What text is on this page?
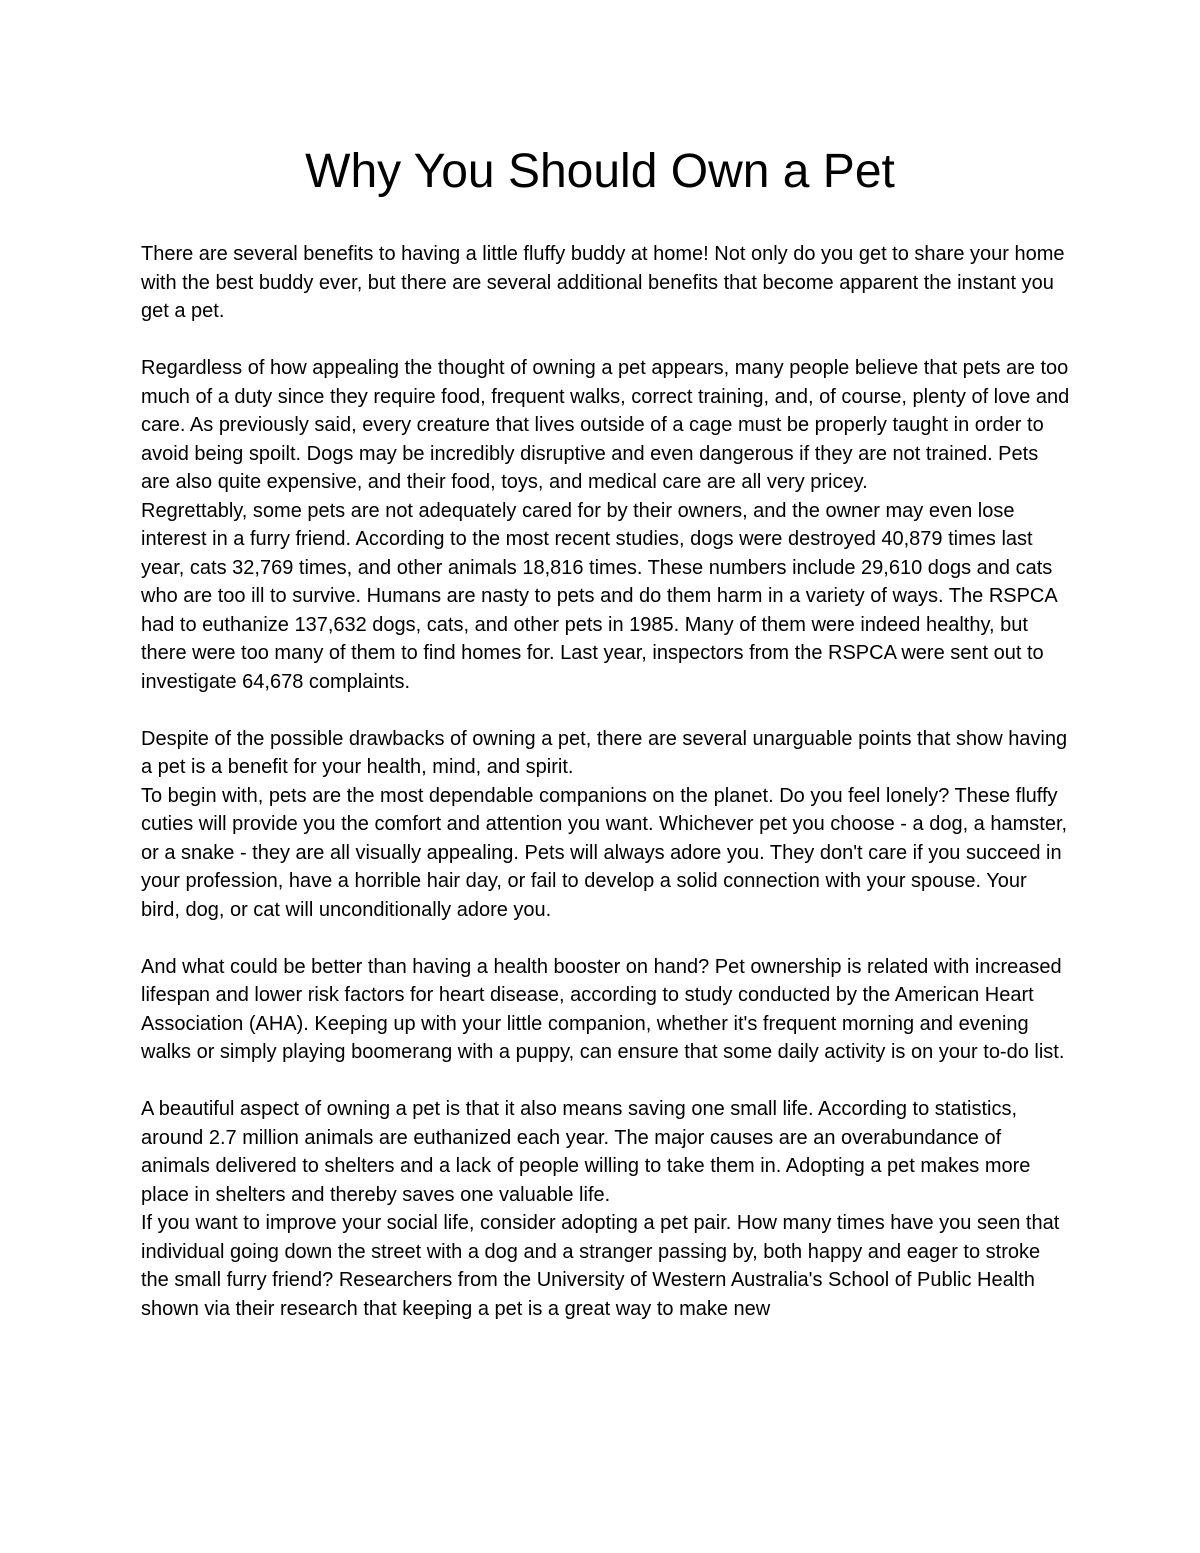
Why You Should Own a Pet

There are several benefits to having a little fluffy buddy at home! Not only do you get to share your home with the best buddy ever, but there are several additional benefits that become apparent the instant you get a pet.

Regardless of how appealing the thought of owning a pet appears, many people believe that pets are too much of a duty since they require food, frequent walks, correct training, and, of course, plenty of love and care. As previously said, every creature that lives outside of a cage must be properly taught in order to avoid being spoilt. Dogs may be incredibly disruptive and even dangerous if they are not trained. Pets are also quite expensive, and their food, toys, and medical care are all very pricey.

Regrettably, some pets are not adequately cared for by their owners, and the owner may even lose interest in a furry friend. According to the most recent studies, dogs were destroyed 40,879 times last year, cats 32,769 times, and other animals 18,816 times. These numbers include 29,610 dogs and cats who are too ill to survive. Humans are nasty to pets and do them harm in a variety of ways. The RSPCA had to euthanize 137,632 dogs, cats, and other pets in 1985. Many of them were indeed healthy, but there were too many of them to find homes for. Last year, inspectors from the RSPCA were sent out to investigate 64,678 complaints.

Despite of the possible drawbacks of owning a pet, there are several unarguable points that show having a pet is a benefit for your health, mind, and spirit.

To begin with, pets are the most dependable companions on the planet. Do you feel lonely? These fluffy cuties will provide you the comfort and attention you want. Whichever pet you choose - a dog, a hamster, or a snake - they are all visually appealing. Pets will always adore you. They don't care if you succeed in your profession, have a horrible hair day, or fail to develop a solid connection with your spouse. Your bird, dog, or cat will unconditionally adore you.

And what could be better than having a health booster on hand? Pet ownership is related with increased lifespan and lower risk factors for heart disease, according to study conducted by the American Heart Association (AHA). Keeping up with your little companion, whether it's frequent morning and evening walks or simply playing boomerang with a puppy, can ensure that some daily activity is on your to-do list.

A beautiful aspect of owning a pet is that it also means saving one small life. According to statistics, around 2.7 million animals are euthanized each year. The major causes are an overabundance of animals delivered to shelters and a lack of people willing to take them in. Adopting a pet makes more place in shelters and thereby saves one valuable life.

If you want to improve your social life, consider adopting a pet pair. How many times have you seen that individual going down the street with a dog and a stranger passing by, both happy and eager to stroke the small furry friend? Researchers from the University of Western Australia's School of Public Health shown via their research that keeping a pet is a great way to make new
